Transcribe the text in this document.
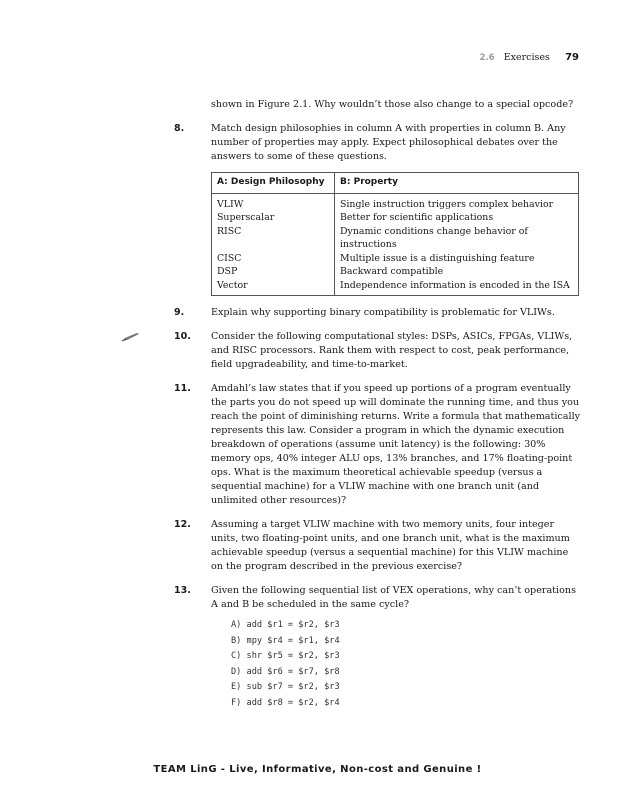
2.6 Exercises 79
shown in Figure 2.1. Why wouldn’t those also change to a special opcode?
8.	Match design philosophies in column A with properties in column B. Any number of properties may apply. Expect philosophical debates over the answers to some of these questions.
A: Design Philosophy	B: Property
VLIW	Single instruction triggers complex behavior
Superscalar	Better for scientific applications
RISC	Dynamic conditions change behavior of instructions
CISC	Multiple issue is a distinguishing feature
DSP	Backward compatible
Vector	Independence information is encoded in the ISA
9.	Explain why supporting binary compatibility is problematic for VLIWs.
10. Consider the following computational styles: DSPs, ASICs, FPGAs, VLIWs, and RISC processors. Rank them with respect to cost, peak performance, field upgradeability, and time-to-market.
11. Amdahl’s law states that if you speed up portions of a program eventually the parts you do not speed up will dominate the running time, and thus you reach the point of diminishing returns. Write a formula that mathematically represents this law. Consider a program in which the dynamic execution breakdown of operations (assume unit latency) is the following: 30% memory ops, 40% integer ALU ops, 13% branches, and 17% floating-point ops. What is the maximum theoretical achievable speedup (versus a sequential machine) for a VLIW machine with one branch unit (and unlimited other resources)?
12. Assuming a target VLIW machine with two memory units, four integer units, two floating-point units, and one branch unit, what is the maximum achievable speedup (versus a sequential machine) for this VLIW machine on the program described in the previous exercise?
13. Given the following sequential list of VEX operations, why can’t operations A and B be scheduled in the same cycle?
A) add $r1 = $r2, $r3
B) mpy $r4 = $r1, $r4
C) shr $r5 = $r2, $r3
D) add $r6 = $r7, $r8
E) sub $r7 = $r2, $r3
F) add $r8 = $r2, $r4
TEAM LinG - Live, Informative, Non-cost and Genuine !
